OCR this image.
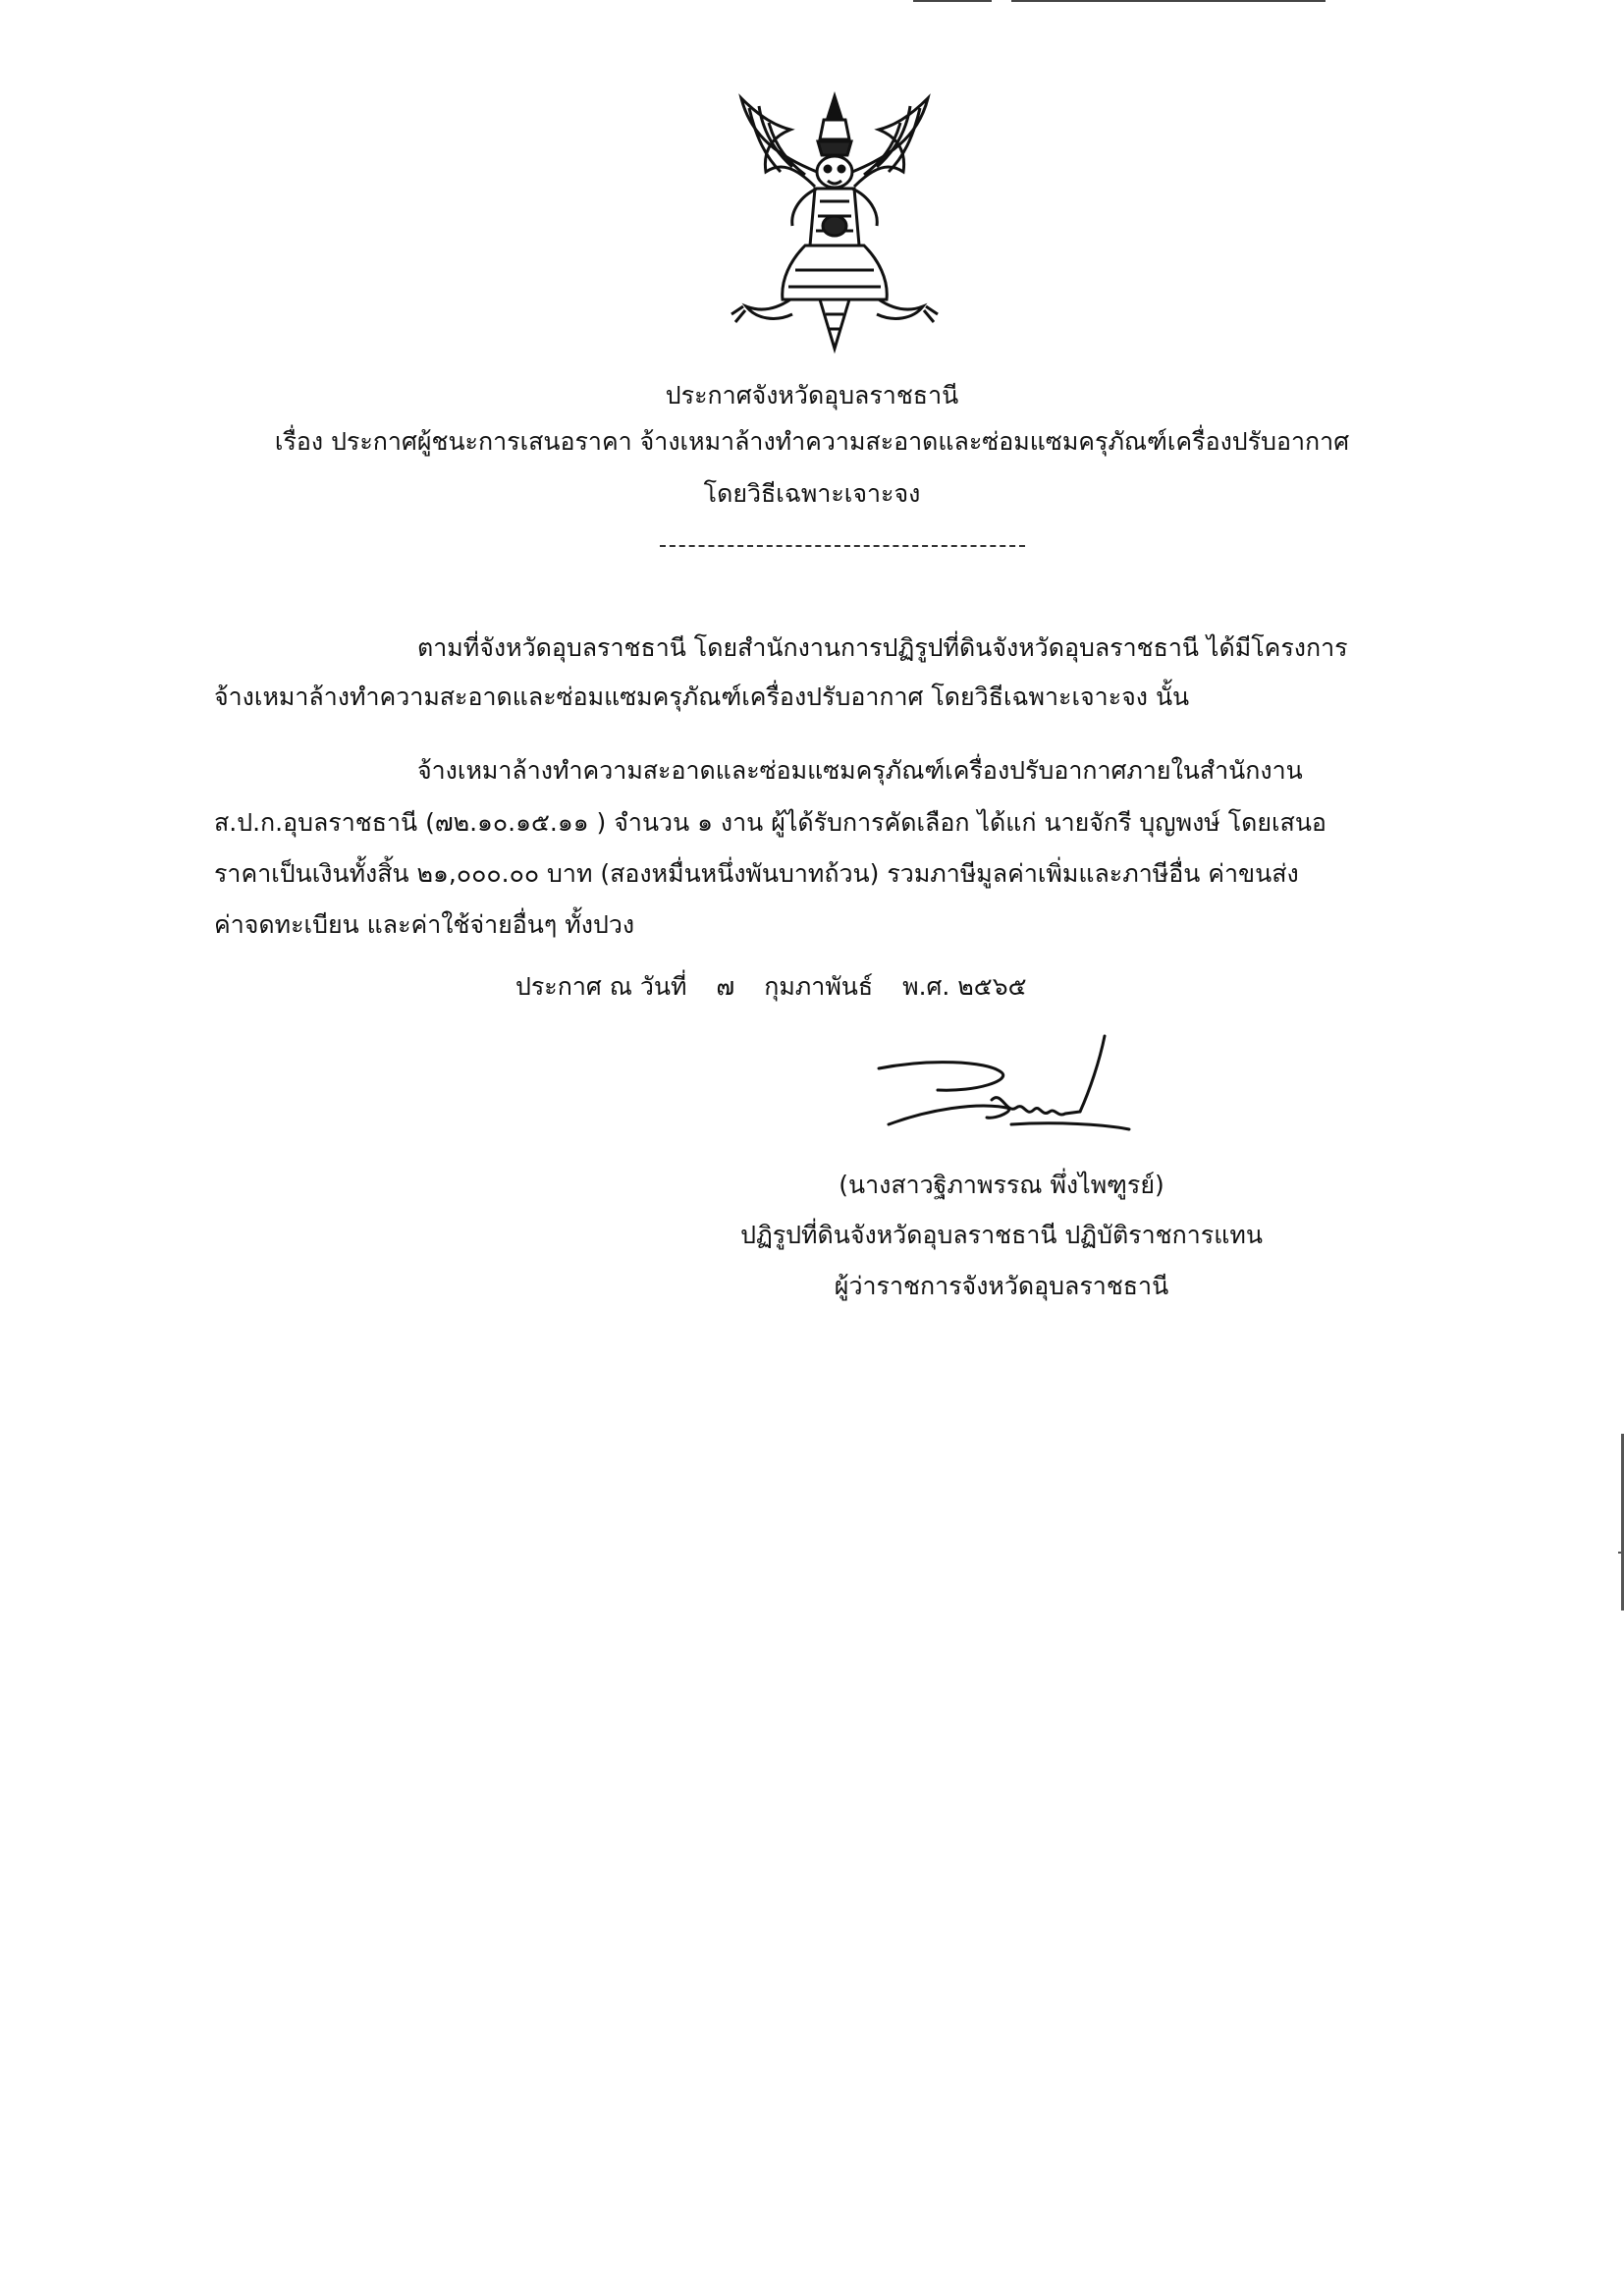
ประกาศจังหวัดอุบลราชธานี
เรื่อง ประกาศผู้ชนะการเสนอราคา จ้างเหมาล้างทำความสะอาดและซ่อมแซมครุภัณฑ์เครื่องปรับอากาศ
โดยวิธีเฉพาะเจาะจง
ตามที่จังหวัดอุบลราชธานี โดยสำนักงานการปฏิรูปที่ดินจังหวัดอุบลราชธานี ได้มีโครงการ
จ้างเหมาล้างทำความสะอาดและซ่อมแซมครุภัณฑ์เครื่องปรับอากาศ โดยวิธีเฉพาะเจาะจง นั้น
จ้างเหมาล้างทำความสะอาดและซ่อมแซมครุภัณฑ์เครื่องปรับอากาศภายในสำนักงาน
ส.ป.ก.อุบลราชธานี (๗๒.๑๐.๑๕.๑๑ ) จำนวน ๑ งาน ผู้ได้รับการคัดเลือก ได้แก่ นายจักรี บุญพงษ์ โดยเสนอ
ราคาเป็นเงินทั้งสิ้น ๒๑,๐๐๐.๐๐ บาท (สองหมื่นหนึ่งพันบาทถ้วน) รวมภาษีมูลค่าเพิ่มและภาษีอื่น ค่าขนส่ง
ค่าจดทะเบียน และค่าใช้จ่ายอื่นๆ ทั้งปวง
ประกาศ ณ วันที่ ๗ กุมภาพันธ์ พ.ศ. ๒๕๖๕
(นางสาวฐิภาพรรณ พึ่งไพฑูรย์)
ปฏิรูปที่ดินจังหวัดอุบลราชธานี ปฏิบัติราชการแทน
ผู้ว่าราชการจังหวัดอุบลราชธานี
